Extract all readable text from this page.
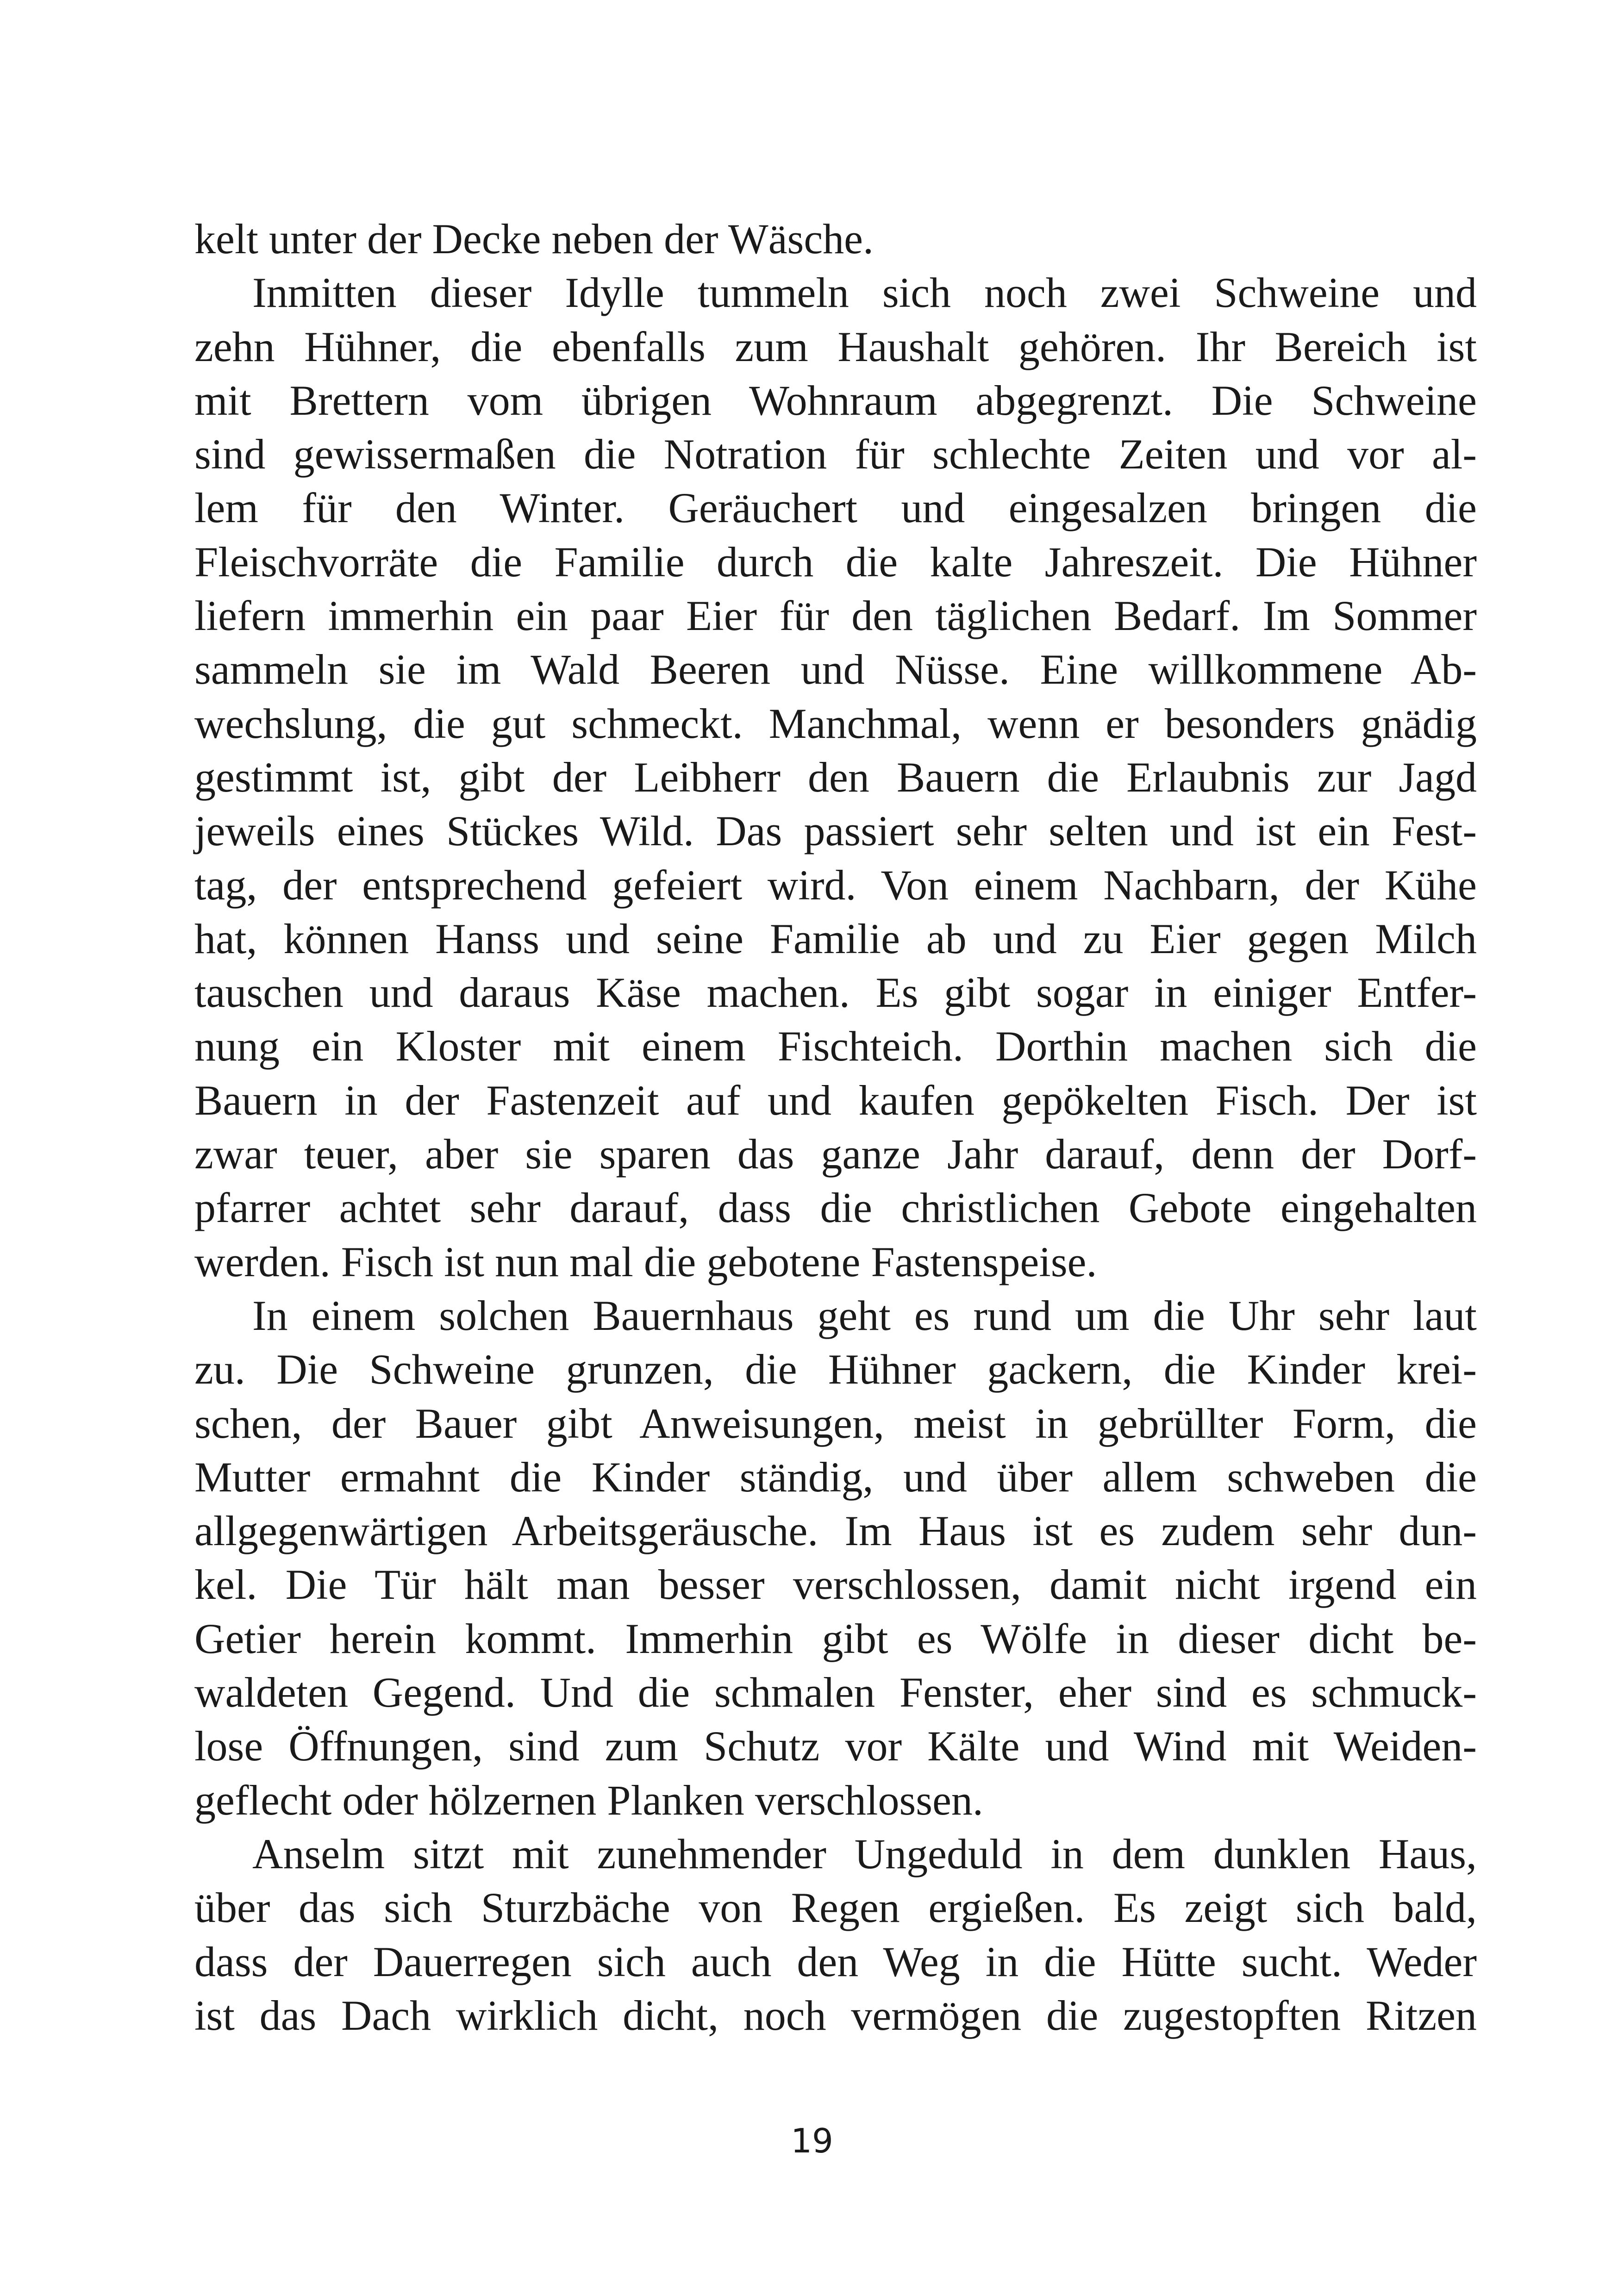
kelt unter der Decke neben der Wäsche.
Inmitten dieser Idylle tummeln sich noch zwei Schweine und
zehn Hühner, die ebenfalls zum Haushalt gehören. Ihr Bereich ist
mit Brettern vom übrigen Wohnraum abgegrenzt. Die Schweine
sind gewissermaßen die Notration für schlechte Zeiten und vor al-
lem für den Winter. Geräuchert und eingesalzen bringen die
Fleischvorräte die Familie durch die kalte Jahreszeit. Die Hühner
liefern immerhin ein paar Eier für den täglichen Bedarf. Im Sommer
sammeln sie im Wald Beeren und Nüsse. Eine willkommene Ab-
wechslung, die gut schmeckt. Manchmal, wenn er besonders gnädig
gestimmt ist, gibt der Leibherr den Bauern die Erlaubnis zur Jagd
jeweils eines Stückes Wild. Das passiert sehr selten und ist ein Fest-
tag, der entsprechend gefeiert wird. Von einem Nachbarn, der Kühe
hat, können Hanss und seine Familie ab und zu Eier gegen Milch
tauschen und daraus Käse machen. Es gibt sogar in einiger Entfer-
nung ein Kloster mit einem Fischteich. Dorthin machen sich die
Bauern in der Fastenzeit auf und kaufen gepökelten Fisch. Der ist
zwar teuer, aber sie sparen das ganze Jahr darauf, denn der Dorf-
pfarrer achtet sehr darauf, dass die christlichen Gebote eingehalten
werden. Fisch ist nun mal die gebotene Fastenspeise.
In einem solchen Bauernhaus geht es rund um die Uhr sehr laut
zu. Die Schweine grunzen, die Hühner gackern, die Kinder krei-
schen, der Bauer gibt Anweisungen, meist in gebrüllter Form, die
Mutter ermahnt die Kinder ständig, und über allem schweben die
allgegenwärtigen Arbeitsgeräusche. Im Haus ist es zudem sehr dun-
kel. Die Tür hält man besser verschlossen, damit nicht irgend ein
Getier herein kommt. Immerhin gibt es Wölfe in dieser dicht be-
waldeten Gegend. Und die schmalen Fenster, eher sind es schmuck-
lose Öffnungen, sind zum Schutz vor Kälte und Wind mit Weiden-
geflecht oder hölzernen Planken verschlossen.
Anselm sitzt mit zunehmender Ungeduld in dem dunklen Haus,
über das sich Sturzbäche von Regen ergießen. Es zeigt sich bald,
dass der Dauerregen sich auch den Weg in die Hütte sucht. Weder
ist das Dach wirklich dicht, noch vermögen die zugestopften Ritzen
19
